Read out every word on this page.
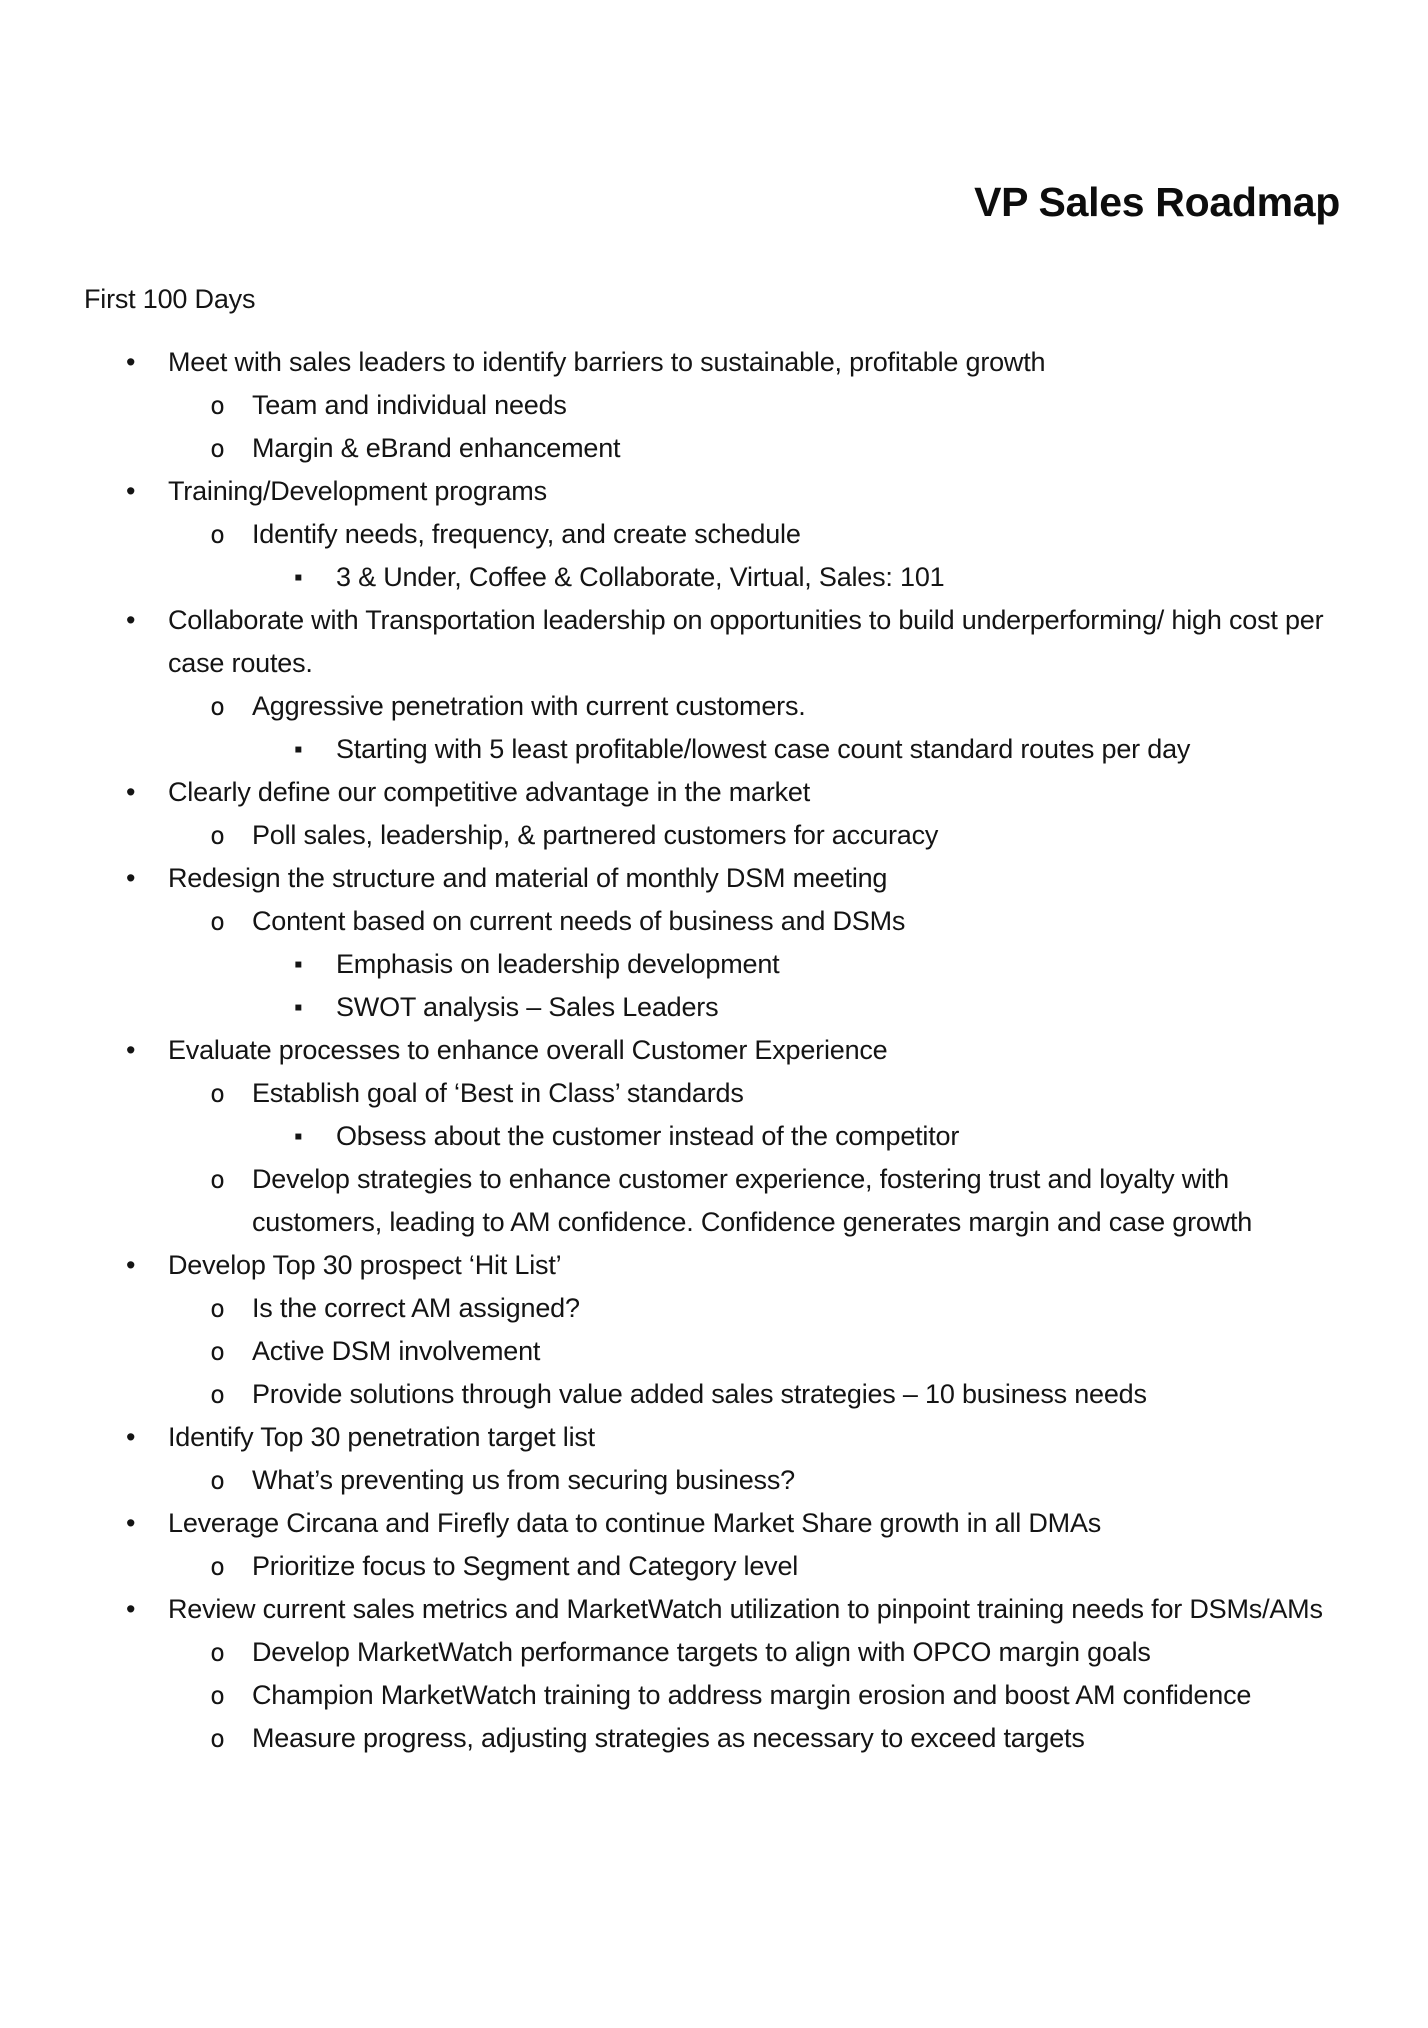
VP Sales Roadmap
First 100 Days
•	Meet with sales leaders to identify barriers to sustainable, profitable growth
o	Team and individual needs
o	Margin & eBrand enhancement
•	Training/Development programs
o	Identify needs, frequency, and create schedule
▪	3 & Under, Coffee & Collaborate, Virtual, Sales: 101
•	Collaborate with Transportation leadership on opportunities to build underperforming/ high cost per case routes.
o	Aggressive penetration with current customers.
▪	Starting with 5 least profitable/lowest case count standard routes per day
•	Clearly define our competitive advantage in the market
o	Poll sales, leadership, & partnered customers for accuracy
•	Redesign the structure and material of monthly DSM meeting
o	Content based on current needs of business and DSMs
▪	Emphasis on leadership development
▪	SWOT analysis – Sales Leaders
•	Evaluate processes to enhance overall Customer Experience
o	Establish goal of ‘Best in Class’ standards
▪	Obsess about the customer instead of the competitor
o	Develop strategies to enhance customer experience, fostering trust and loyalty with customers, leading to AM confidence. Confidence generates margin and case growth
•	Develop Top 30 prospect ‘Hit List’
o	Is the correct AM assigned?
o	Active DSM involvement
o	Provide solutions through value added sales strategies – 10 business needs
•	Identify Top 30 penetration target list
o	What’s preventing us from securing business?
•	Leverage Circana and Firefly data to continue Market Share growth in all DMAs
o	Prioritize focus to Segment and Category level
•	Review current sales metrics and MarketWatch utilization to pinpoint training needs for DSMs/AMs
o	Develop MarketWatch performance targets to align with OPCO margin goals
o	Champion MarketWatch training to address margin erosion and boost AM confidence
o	Measure progress, adjusting strategies as necessary to exceed targets
